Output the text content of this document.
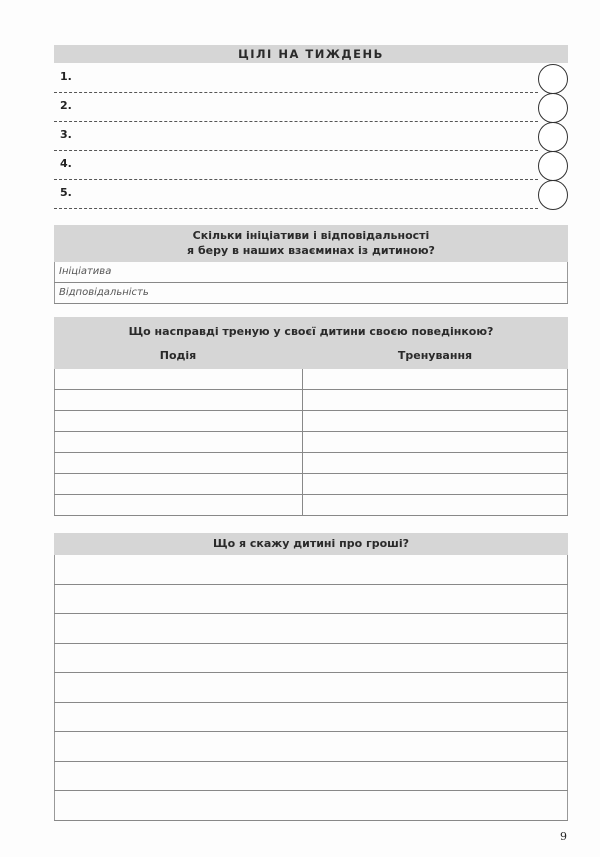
ЦІЛІ НА ТИЖДЕНЬ
Скільки ініціативи і відповідальності
я беру в наших взаєминах із дитиною?
Ініціатива
Відповідальність
Що насправді треную у своєї дитини своєю поведінкою?
Подія	Тренування
Що я скажу дитині про гроші?
9
1.
2.
3.
4.
5.
